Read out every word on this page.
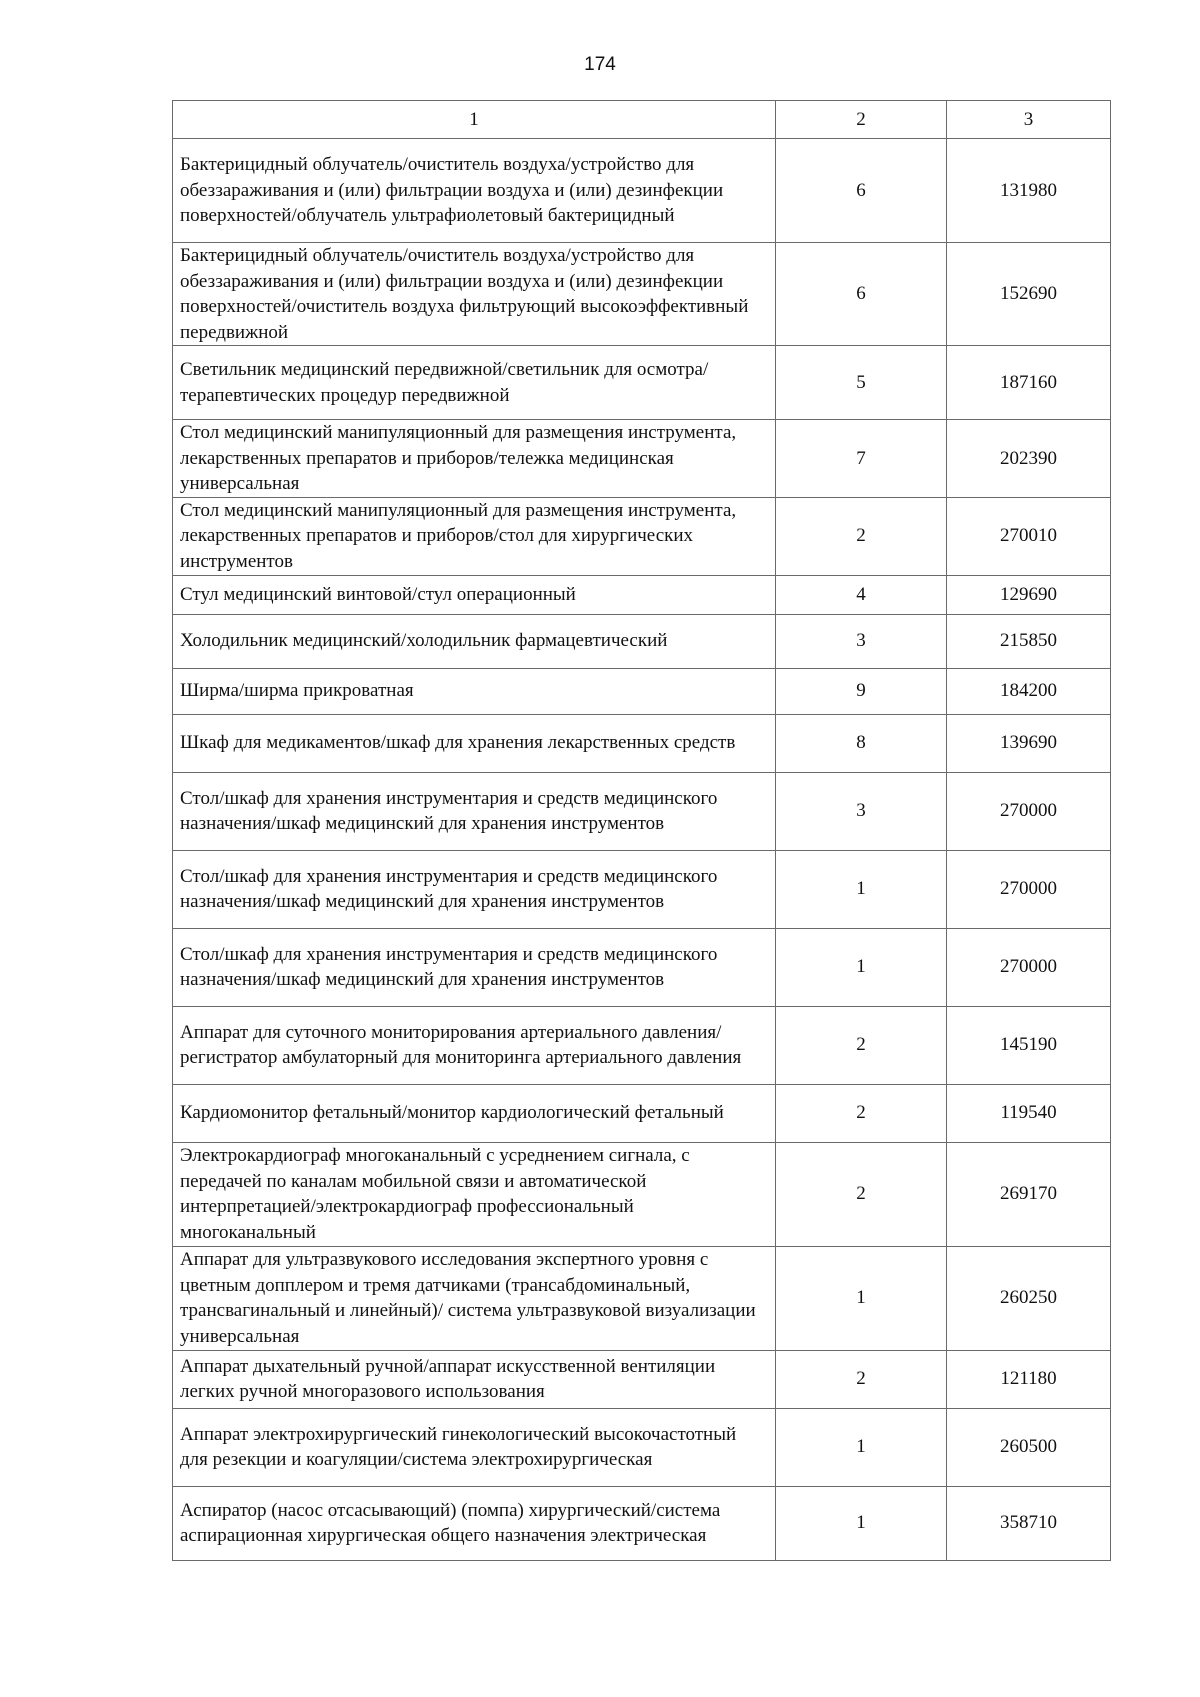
174
1	2	3
Бактерицидный облучатель/очиститель воздуха/устройство для обеззараживания и (или) фильтрации воздуха и (или) дезинфекции поверхностей/облучатель ультрафиолетовый бактерицидный	6	131980
Бактерицидный облучатель/очиститель воздуха/устройство для обеззараживания и (или) фильтрации воздуха и (или) дезинфекции поверхностей/очиститель воздуха фильтрующий высокоэффективный передвижной	6	152690
Светильник медицинский передвижной/светильник для осмотра/терапевтических процедур передвижной	5	187160
Стол медицинский манипуляционный для размещения инструмента, лекарственных препаратов и приборов/тележка медицинская универсальная	7	202390
Стол медицинский манипуляционный для размещения инструмента, лекарственных препаратов и приборов/стол для хирургических инструментов	2	270010
Стул медицинский винтовой/стул операционный	4	129690
Холодильник медицинский/холодильник фармацевтический	3	215850
Ширма/ширма прикроватная	9	184200
Шкаф для медикаментов/шкаф для хранения лекарственных средств	8	139690
Стол/шкаф для хранения инструментария и средств медицинского назначения/шкаф медицинский для хранения инструментов	3	270000
Стол/шкаф для хранения инструментария и средств медицинского назначения/шкаф медицинский для хранения инструментов	1	270000
Стол/шкаф для хранения инструментария и средств медицинского назначения/шкаф медицинский для хранения инструментов	1	270000
Аппарат для суточного мониторирования артериального давления/регистратор амбулаторный для мониторинга артериального давления	2	145190
Кардиомонитор фетальный/монитор кардиологический фетальный	2	119540
Электрокардиограф многоканальный с усреднением сигнала, с передачей по каналам мобильной связи и автоматической интерпретацией/электрокардиограф профессиональный многоканальный	2	269170
Аппарат для ультразвукового исследования экспертного уровня с цветным допплером и тремя датчиками (трансабдоминальный, трансвагинальный и линейный)/ система ультразвуковой визуализации универсальная	1	260250
Аппарат дыхательный ручной/аппарат искусственной вентиляции легких ручной многоразового использования	2	121180
Аппарат электрохирургический гинекологический высокочастотный для резекции и коагуляции/система электрохирургическая	1	260500
Аспиратор (насос отсасывающий) (помпа) хирургический/система аспирационная хирургическая общего назначения электрическая	1	358710
